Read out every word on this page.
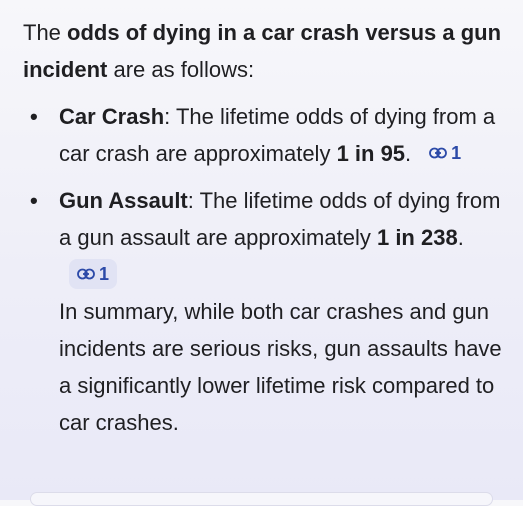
The odds of dying in a car crash versus a gun incident are as follows:

• Car Crash: The lifetime odds of dying from a car crash are approximately 1 in 95. 1
• Gun Assault: The lifetime odds of dying from a gun assault are approximately 1 in 238.
1

In summary, while both car crashes and gun incidents are serious risks, gun assaults have a significantly lower lifetime risk compared to car crashes.
